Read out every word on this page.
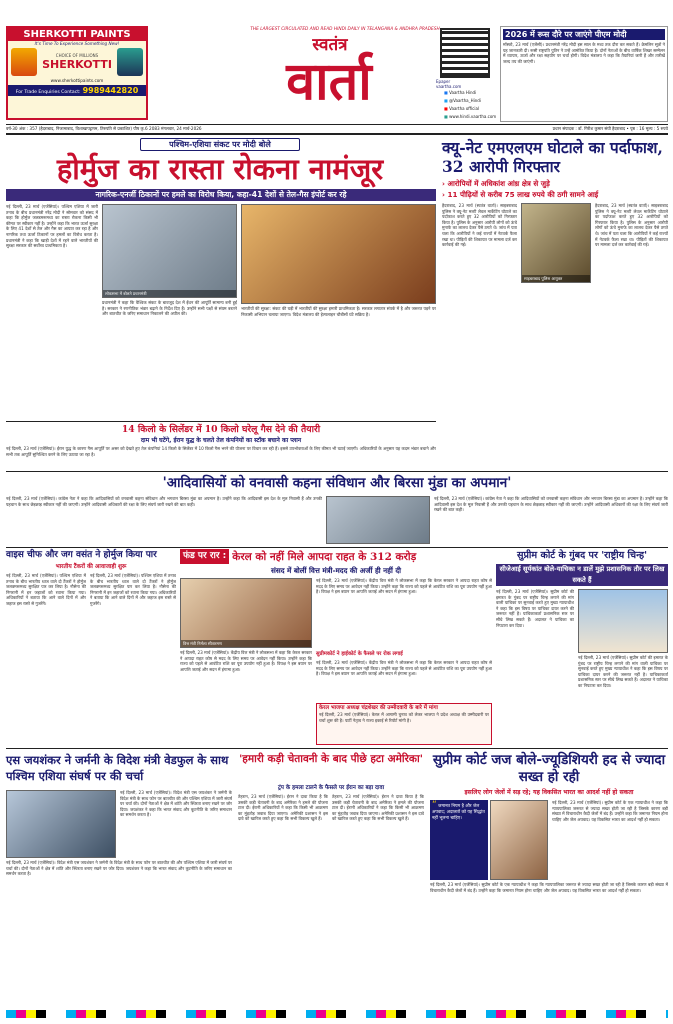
SHERKOTTI PAINTS
It's Time To Experience Something New!
CHOICE OF MILLIONS
SHERKOTTI
www.sherkottipaints.com
For Trade Enquiries Contact: 9989442820
THE LARGEST CIRCULATED AND READ HINDI DAILY IN TELANGANA & ANDHRA PRADESH
स्वतंत्र
वार्ता	Epaper
vaartha.com
■ Vaartha Hindi
■ @Vaartha_Hindi
■ Vaartha official
■ www.hindi.vaartha.com
2026 में रूस दौरे पर जाएंगे पीएम मोदी
मॉस्को, 23 मार्च (एजेंसी)। प्रधानमंत्री नरेंद्र मोदी इस साल के मध्य तक दौरा कर सकते हैं। क्रेमलिन सूत्रों ने यह जानकारी दी। रूसी राष्ट्रपति पुतिन ने उन्हें आमंत्रित किया है। दोनों नेताओं के बीच वार्षिक शिखर सम्मेलन में व्यापार, ऊर्जा और रक्षा सहयोग पर चर्चा होगी। विदेश मंत्रालय ने कहा कि तैयारियां जारी हैं और तारीखें जल्द तय की जाएंगी।
वर्ष-30 अंक : 357 (हैदराबाद, निजामाबाद, विशाखापट्टणम, तिरुपति से प्रकाशित) पौष कृ.6 2083 मंगलवार, 24 मार्च-2026	प्रधान संपादक : डॉ. गिरीश कुमार संघी हैदराबाद • पृष्ठ : 16 मूल्य : 5 रुपये
पश्चिम-एशिया संकट पर मोदी बोले
होर्मुज का रास्ता रोकना नामंजूर
नागरिक-एनर्जी ठिकानों पर हमले का विरोध किया, कहा-41 देशों से तेल-गैस इंपोर्ट कर रहे
नई दिल्ली, 23 मार्च (एजेंसियां)। पश्चिम एशिया में जारी तनाव के बीच प्रधानमंत्री नरेंद्र मोदी ने सोमवार को संसद में कहा कि होर्मुज जलडमरूमध्य का रास्ता रोकना किसी भी कीमत पर स्वीकार नहीं है। उन्होंने कहा कि भारत ऊर्जा सुरक्षा के लिए 41 देशों से तेल और गैस का आयात कर रहा है और नागरिक तथा ऊर्जा ठिकानों पर हमलों का विरोध करता है। प्रधानमंत्री ने कहा कि खाड़ी देशों में रहने वाले भारतीयों की सुरक्षा सरकार की सर्वोच्च प्राथमिकता है।
लोकसभा में बोलते प्रधानमंत्री
प्रधानमंत्री ने कहा कि वैश्विक संकट के बावजूद देश में ईंधन की आपूर्ति सामान्य बनी हुई है। सरकार ने रणनीतिक भंडार बढ़ाने के निर्देश दिए हैं। उन्होंने सभी पक्षों से संयम बरतने और बातचीत के जरिए समाधान निकालने की अपील की।
भारतीयों की सुरक्षा: संकट की घड़ी में भारतीयों की सुरक्षा हमारी प्राथमिकता है। सरकार लगातार संपर्क में है और जरूरत पड़ने पर निकासी अभियान चलाया जाएगा। विदेश मंत्रालय की हेल्पलाइन चौबीसों घंटे सक्रिय है।
क्यू-नेट एमएलएम घोटाले का पर्दाफाश, 32 आरोपी गिरफ्तार
› आरोपियों में अधिकांश आंध्र क्षेत्र से जुड़े
› 11 पीढ़ियों से करीब 75 लाख रुपये की ठगी सामने आई
हैदराबाद, 23 मार्च (स्वतंत्र वार्ता)। साइबराबाद पुलिस ने क्यू-नेट मल्टी लेवल मार्केटिंग घोटाले का पर्दाफाश करते हुए 32 आरोपियों को गिरफ्तार किया है। पुलिस के अनुसार आरोपी लोगों को ऊंचे मुनाफे का लालच देकर पैसे ठगते थे। जांच में पता चला कि आरोपियों ने कई राज्यों में नेटवर्क फैला रखा था। पीड़ितों की शिकायत पर मामला दर्ज कर कार्रवाई की गई।
साइबराबाद पुलिस आयुक्त
हैदराबाद, 23 मार्च (स्वतंत्र वार्ता)। साइबराबाद पुलिस ने क्यू-नेट मल्टी लेवल मार्केटिंग घोटाले का पर्दाफाश करते हुए 32 आरोपियों को गिरफ्तार किया है। पुलिस के अनुसार आरोपी लोगों को ऊंचे मुनाफे का लालच देकर पैसे ठगते थे। जांच में पता चला कि आरोपियों ने कई राज्यों में नेटवर्क फैला रखा था। पीड़ितों की शिकायत पर मामला दर्ज कर कार्रवाई की गई।
14 किलो के सिलेंडर में 10 किलो घरेलू गैस देने की तैयारी
दाम भी घटेंगे, ईरान युद्ध के चलते तेल कंपनियों का स्टॉक बचाने का प्लान
नई दिल्ली, 23 मार्च (एजेंसियां)। ईरान युद्ध के कारण गैस आपूर्ति पर असर को देखते हुए तेल कंपनियां 14 किलो के सिलेंडर में 10 किलो गैस भरने की योजना पर विचार कर रही हैं। इससे उपभोक्ताओं के लिए कीमत भी घटाई जाएगी। अधिकारियों के अनुसार यह कदम भंडार बचाने और सभी तक आपूर्ति सुनिश्चित करने के लिए उठाया जा रहा है।
'आदिवासियों को वनवासी कहना संविधान और बिरसा मुंडा का अपमान'
नई दिल्ली, 23 मार्च (एजेंसियां)। कांग्रेस नेता ने कहा कि आदिवासियों को वनवासी कहना संविधान और भगवान बिरसा मुंडा का अपमान है। उन्होंने कहा कि आदिवासी इस देश के मूल निवासी हैं और उनकी पहचान के साथ छेड़छाड़ स्वीकार नहीं की जाएगी। उन्होंने आदिवासी अधिकारों की रक्षा के लिए संघर्ष जारी रखने की बात कही।
नई दिल्ली, 23 मार्च (एजेंसियां)। कांग्रेस नेता ने कहा कि आदिवासियों को वनवासी कहना संविधान और भगवान बिरसा मुंडा का अपमान है। उन्होंने कहा कि आदिवासी इस देश के मूल निवासी हैं और उनकी पहचान के साथ छेड़छाड़ स्वीकार नहीं की जाएगी। उन्होंने आदिवासी अधिकारों की रक्षा के लिए संघर्ष जारी रखने की बात कही।
वाइस चीफ और जग वसंत ने होर्मुज किया पार
भारतीय टैंकरों की आवाजाही शुरू
नई दिल्ली, 23 मार्च (एजेंसियां)। पश्चिम एशिया में तनाव के बीच भारतीय ध्वज वाले दो टैंकरों ने होर्मुज जलडमरूमध्य सुरक्षित पार कर लिया है। नौसेना की निगरानी में इन जहाजों को रवाना किया गया। अधिकारियों ने बताया कि आने वाले दिनों में और जहाज इस रास्ते से गुजरेंगे।
नई दिल्ली, 23 मार्च (एजेंसियां)। पश्चिम एशिया में तनाव के बीच भारतीय ध्वज वाले दो टैंकरों ने होर्मुज जलडमरूमध्य सुरक्षित पार कर लिया है। नौसेना की निगरानी में इन जहाजों को रवाना किया गया। अधिकारियों ने बताया कि आने वाले दिनों में और जहाज इस रास्ते से गुजरेंगे।
फंड पर रार : केरल को नहीं मिले आपदा राहत के 312 करोड़
संसद में बोलीं वित्त मंत्री-मदद की अर्जी ही नहीं दी
वित्त मंत्री निर्मला सीतारमण
नई दिल्ली, 23 मार्च (एजेंसियां)। केंद्रीय वित्त मंत्री ने लोकसभा में कहा कि केरल सरकार ने आपदा राहत कोष से मदद के लिए समय पर आवेदन नहीं किया। उन्होंने कहा कि राज्य को पहले से आवंटित राशि का पूरा उपयोग नहीं हुआ है। विपक्ष ने इस बयान पर आपत्ति जताई और सदन में हंगामा हुआ।
नई दिल्ली, 23 मार्च (एजेंसियां)। केंद्रीय वित्त मंत्री ने लोकसभा में कहा कि केरल सरकार ने आपदा राहत कोष से मदद के लिए समय पर आवेदन नहीं किया। उन्होंने कहा कि राज्य को पहले से आवंटित राशि का पूरा उपयोग नहीं हुआ है। विपक्ष ने इस बयान पर आपत्ति जताई और सदन में हंगामा हुआ।
सुप्रीमकोर्ट ने हाईकोर्ट के फैसले पर रोक लगाई
नई दिल्ली, 23 मार्च (एजेंसियां)। केंद्रीय वित्त मंत्री ने लोकसभा में कहा कि केरल सरकार ने आपदा राहत कोष से मदद के लिए समय पर आवेदन नहीं किया। उन्होंने कहा कि राज्य को पहले से आवंटित राशि का पूरा उपयोग नहीं हुआ है। विपक्ष ने इस बयान पर आपत्ति जताई और सदन में हंगामा हुआ।
केरल भाजपा अध्यक्ष चंद्रशेखर की उम्मीदवारी के बारे में मांगा
नई दिल्ली, 23 मार्च (एजेंसियां)। केरल में आगामी चुनाव को लेकर भाजपा ने प्रदेश अध्यक्ष की उम्मीदवारी पर चर्चा शुरू की है। पार्टी नेतृत्व ने राज्य इकाई से रिपोर्ट मांगी है।
सुप्रीम कोर्ट के गुंबद पर 'राष्ट्रीय चिन्ह'
सीजेआई सूर्यकांत बोले-याचिका न डालें मुझे प्रशासनिक तौर पर लिख सकते हैं
नई दिल्ली, 23 मार्च (एजेंसियां)। सुप्रीम कोर्ट की इमारत के गुंबद पर राष्ट्रीय चिन्ह लगाने की मांग वाली याचिका पर सुनवाई करते हुए मुख्य न्यायाधीश ने कहा कि इस विषय पर याचिका दायर करने की जरूरत नहीं है। याचिकाकर्ता प्रशासनिक स्तर पर सीधे लिख सकते हैं। अदालत ने याचिका का निपटारा कर दिया।
नई दिल्ली, 23 मार्च (एजेंसियां)। सुप्रीम कोर्ट की इमारत के गुंबद पर राष्ट्रीय चिन्ह लगाने की मांग वाली याचिका पर सुनवाई करते हुए मुख्य न्यायाधीश ने कहा कि इस विषय पर याचिका दायर करने की जरूरत नहीं है। याचिकाकर्ता प्रशासनिक स्तर पर सीधे लिख सकते हैं। अदालत ने याचिका का निपटारा कर दिया।
एस जयशंकर ने जर्मनी के विदेश मंत्री वेडफुल के साथ पश्चिम एशिया संघर्ष पर की चर्चा
नई दिल्ली, 23 मार्च (एजेंसियां)। विदेश मंत्री एस जयशंकर ने जर्मनी के विदेश मंत्री के साथ फोन पर बातचीत की और पश्चिम एशिया में जारी संघर्ष पर चर्चा की। दोनों नेताओं ने क्षेत्र में शांति और स्थिरता बनाए रखने पर जोर दिया। जयशंकर ने कहा कि भारत संवाद और कूटनीति के जरिए समाधान का समर्थन करता है।
नई दिल्ली, 23 मार्च (एजेंसियां)। विदेश मंत्री एस जयशंकर ने जर्मनी के विदेश मंत्री के साथ फोन पर बातचीत की और पश्चिम एशिया में जारी संघर्ष पर चर्चा की। दोनों नेताओं ने क्षेत्र में शांति और स्थिरता बनाए रखने पर जोर दिया। जयशंकर ने कहा कि भारत संवाद और कूटनीति के जरिए समाधान का समर्थन करता है।
'हमारी कड़ी चेतावनी के बाद पीछे हटा अमेरिका'
ट्रंप के हमला टालने के फैसले पर ईरान का बड़ा दावा
तेहरान, 23 मार्च (एजेंसियां)। ईरान ने दावा किया है कि उसकी कड़ी चेतावनी के बाद अमेरिका ने हमले की योजना टाल दी। ईरानी अधिकारियों ने कहा कि किसी भी आक्रमण का मुंहतोड़ जवाब दिया जाएगा। अमेरिकी प्रशासन ने इस दावे को खारिज करते हुए कहा कि सभी विकल्प खुले हैं।
तेहरान, 23 मार्च (एजेंसियां)। ईरान ने दावा किया है कि उसकी कड़ी चेतावनी के बाद अमेरिका ने हमले की योजना टाल दी। ईरानी अधिकारियों ने कहा कि किसी भी आक्रमण का मुंहतोड़ जवाब दिया जाएगा। अमेरिकी प्रशासन ने इस दावे को खारिज करते हुए कहा कि सभी विकल्प खुले हैं।
सुप्रीम कोर्ट जज बोले-ज्यूडिशियरी हद से ज्यादा सख्त हो रही
इसलिए लोग जेलों में सड़ रहे; यह विकसित भारत का आदर्श नहीं हो सकता
“ जमानत नियम है और जेल अपवाद; अदालतों को यह सिद्धांत नहीं भूलना चाहिए।
नई दिल्ली, 23 मार्च (एजेंसियां)। सुप्रीम कोर्ट के एक न्यायाधीश ने कहा कि न्यायपालिका जरूरत से ज्यादा सख्त होती जा रही है जिसके कारण बड़ी संख्या में विचाराधीन कैदी जेलों में बंद हैं। उन्होंने कहा कि जमानत नियम होना चाहिए और जेल अपवाद। यह विकसित भारत का आदर्श नहीं हो सकता।
नई दिल्ली, 23 मार्च (एजेंसियां)। सुप्रीम कोर्ट के एक न्यायाधीश ने कहा कि न्यायपालिका जरूरत से ज्यादा सख्त होती जा रही है जिसके कारण बड़ी संख्या में विचाराधीन कैदी जेलों में बंद हैं। उन्होंने कहा कि जमानत नियम होना चाहिए और जेल अपवाद। यह विकसित भारत का आदर्श नहीं हो सकता।
